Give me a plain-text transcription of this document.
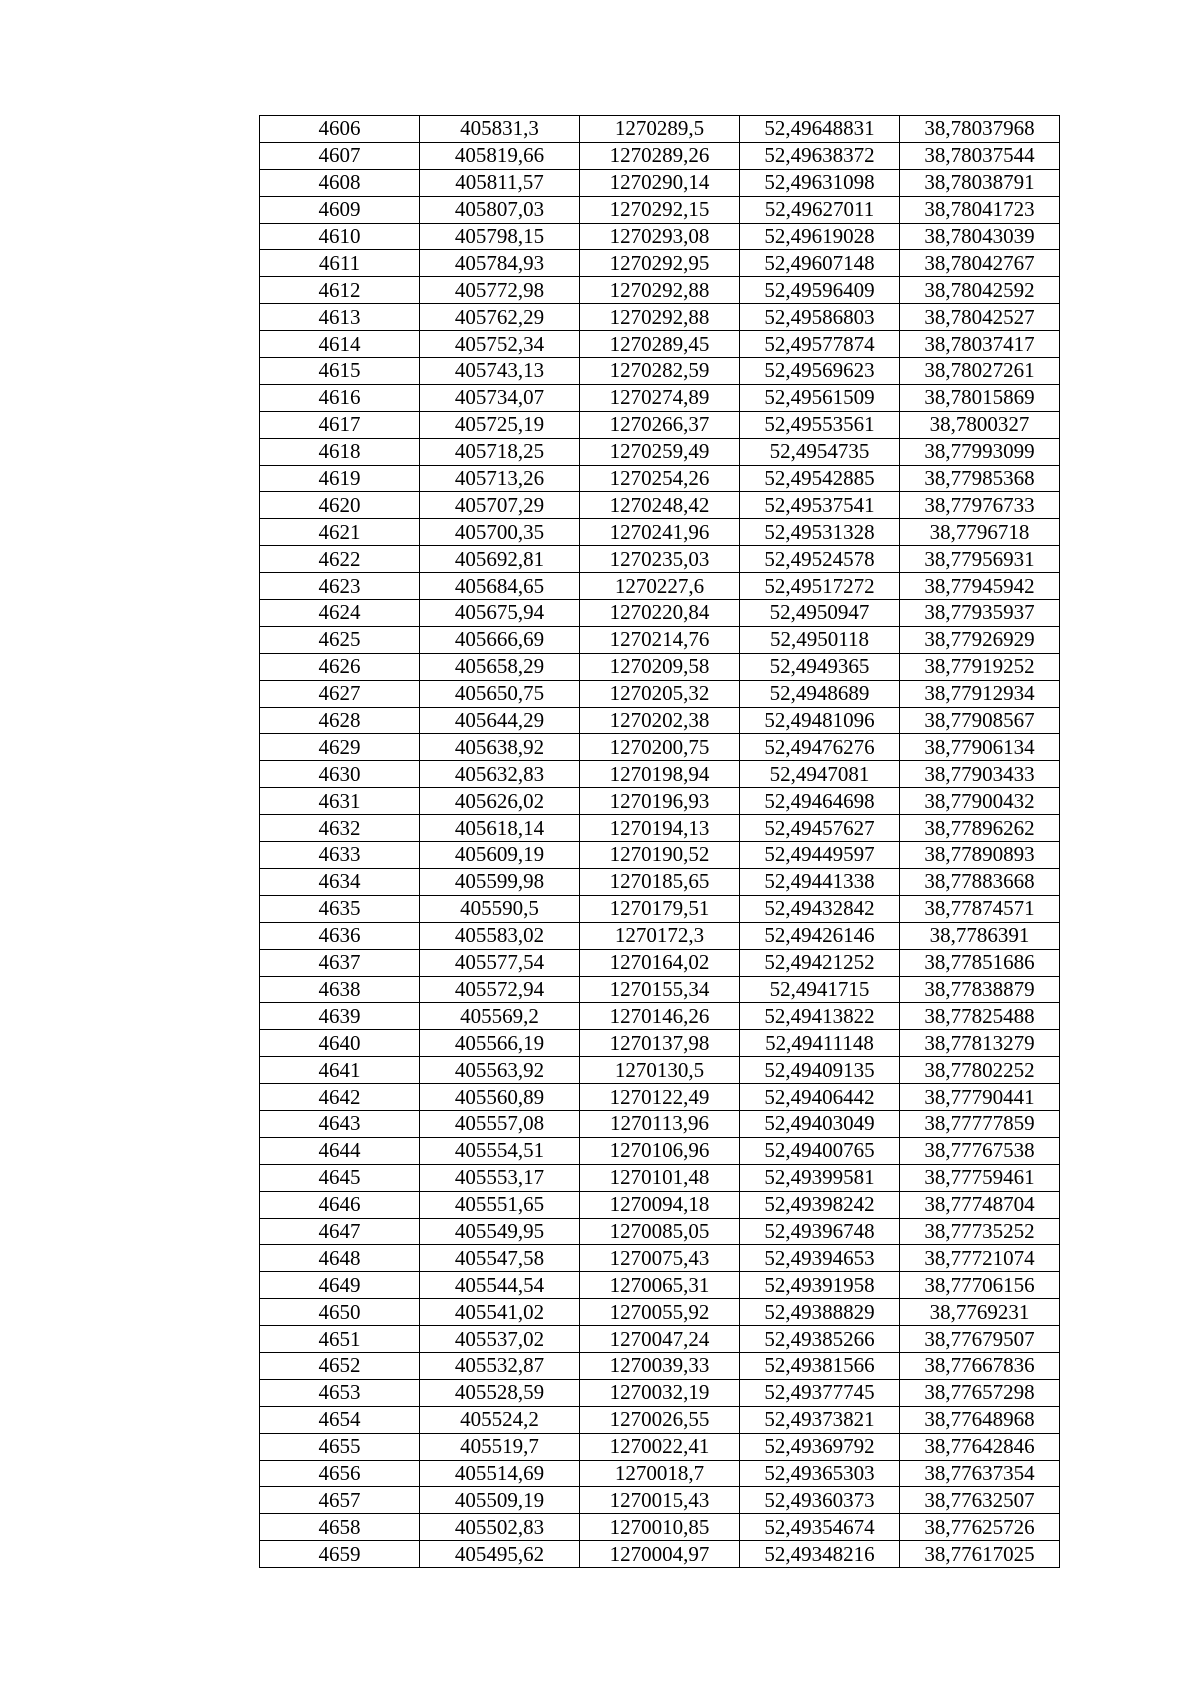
4606	405831,3	1270289,5	52,49648831	38,78037968
4607	405819,66	1270289,26	52,49638372	38,78037544
4608	405811,57	1270290,14	52,49631098	38,78038791
4609	405807,03	1270292,15	52,49627011	38,78041723
4610	405798,15	1270293,08	52,49619028	38,78043039
4611	405784,93	1270292,95	52,49607148	38,78042767
4612	405772,98	1270292,88	52,49596409	38,78042592
4613	405762,29	1270292,88	52,49586803	38,78042527
4614	405752,34	1270289,45	52,49577874	38,78037417
4615	405743,13	1270282,59	52,49569623	38,78027261
4616	405734,07	1270274,89	52,49561509	38,78015869
4617	405725,19	1270266,37	52,49553561	38,7800327
4618	405718,25	1270259,49	52,4954735	38,77993099
4619	405713,26	1270254,26	52,49542885	38,77985368
4620	405707,29	1270248,42	52,49537541	38,77976733
4621	405700,35	1270241,96	52,49531328	38,7796718
4622	405692,81	1270235,03	52,49524578	38,77956931
4623	405684,65	1270227,6	52,49517272	38,77945942
4624	405675,94	1270220,84	52,4950947	38,77935937
4625	405666,69	1270214,76	52,4950118	38,77926929
4626	405658,29	1270209,58	52,4949365	38,77919252
4627	405650,75	1270205,32	52,4948689	38,77912934
4628	405644,29	1270202,38	52,49481096	38,77908567
4629	405638,92	1270200,75	52,49476276	38,77906134
4630	405632,83	1270198,94	52,4947081	38,77903433
4631	405626,02	1270196,93	52,49464698	38,77900432
4632	405618,14	1270194,13	52,49457627	38,77896262
4633	405609,19	1270190,52	52,49449597	38,77890893
4634	405599,98	1270185,65	52,49441338	38,77883668
4635	405590,5	1270179,51	52,49432842	38,77874571
4636	405583,02	1270172,3	52,49426146	38,7786391
4637	405577,54	1270164,02	52,49421252	38,77851686
4638	405572,94	1270155,34	52,4941715	38,77838879
4639	405569,2	1270146,26	52,49413822	38,77825488
4640	405566,19	1270137,98	52,49411148	38,77813279
4641	405563,92	1270130,5	52,49409135	38,77802252
4642	405560,89	1270122,49	52,49406442	38,77790441
4643	405557,08	1270113,96	52,49403049	38,77777859
4644	405554,51	1270106,96	52,49400765	38,77767538
4645	405553,17	1270101,48	52,49399581	38,77759461
4646	405551,65	1270094,18	52,49398242	38,77748704
4647	405549,95	1270085,05	52,49396748	38,77735252
4648	405547,58	1270075,43	52,49394653	38,77721074
4649	405544,54	1270065,31	52,49391958	38,77706156
4650	405541,02	1270055,92	52,49388829	38,7769231
4651	405537,02	1270047,24	52,49385266	38,77679507
4652	405532,87	1270039,33	52,49381566	38,77667836
4653	405528,59	1270032,19	52,49377745	38,77657298
4654	405524,2	1270026,55	52,49373821	38,77648968
4655	405519,7	1270022,41	52,49369792	38,77642846
4656	405514,69	1270018,7	52,49365303	38,77637354
4657	405509,19	1270015,43	52,49360373	38,77632507
4658	405502,83	1270010,85	52,49354674	38,77625726
4659	405495,62	1270004,97	52,49348216	38,77617025
